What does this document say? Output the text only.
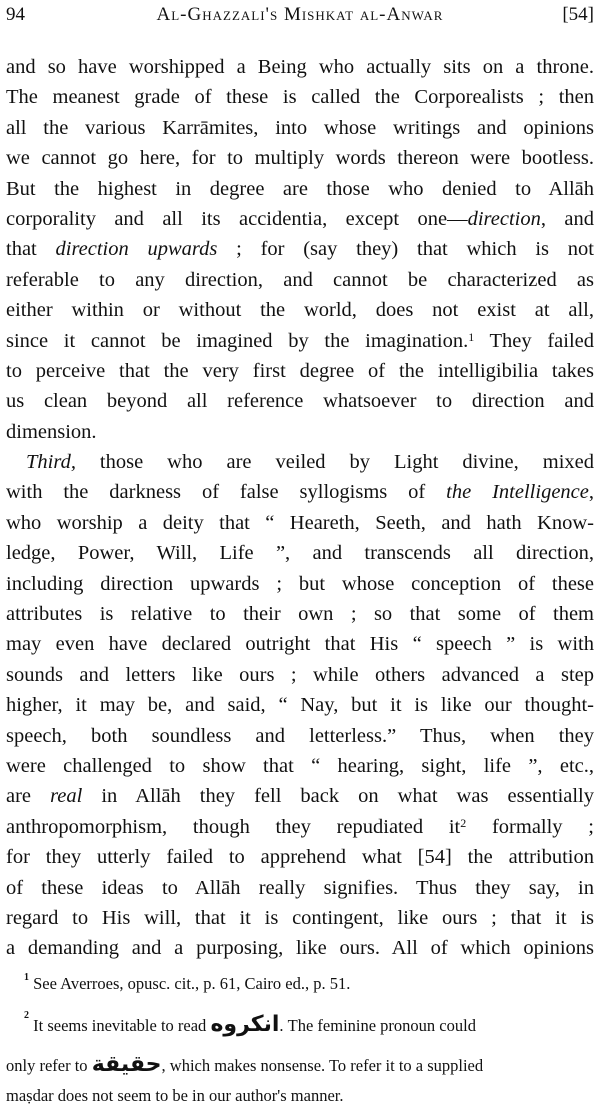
94	Al-Ghazzali's Mishkat al-Anwar	[54]
and so have worshipped a Being who actually sits on a throne.
The meanest grade of these is called the Corporealists ; then
all the various Karrāmites, into whose writings and opinions
we cannot go here, for to multiply words thereon were bootless.
But the highest in degree are those who denied to Allāh
corporality and all its accidentia, except one—direction, and
that direction upwards ; for (say they) that which is not
referable to any direction, and cannot be characterized as
either within or without the world, does not exist at all,
since it cannot be imagined by the imagination.$^1$ They failed
to perceive that the very first degree of the intelligibilia takes
us clean beyond all reference whatsoever to direction and
dimension.
Third, those who are veiled by Light divine, mixed
with the darkness of false syllogisms of the Intelligence,
who worship a deity that “ Heareth, Seeth, and hath Know-
ledge, Power, Will, Life ”, and transcends all direction,
including direction upwards ; but whose conception of these
attributes is relative to their own ; so that some of them
may even have declared outright that His “ speech ” is with
sounds and letters like ours ; while others advanced a step
higher, it may be, and said, “ Nay, but it is like our thought-
speech, both soundless and letterless.” Thus, when they
were challenged to show that “ hearing, sight, life ”, etc.,
are real in Allāh they fell back on what was essentially
anthropomorphism, though they repudiated $it^2$ formally ;
for they utterly failed to apprehend what [54] the attribution
of these ideas to Allāh really signifies. Thus they say, in
regard to His will, that it is contingent, like ours ; that it is
a demanding and a purposing, like ours. All of which opinions
$^1$ See Averroes, opusc. cit., p. 61, Cairo ed., p. 51.
$^2$ It seems inevitable to read انكروه. The feminine pronoun could
only refer to حقيقة, which makes nonsense. To refer it to a supplied
maṣdar does not seem to be in our author's manner.
